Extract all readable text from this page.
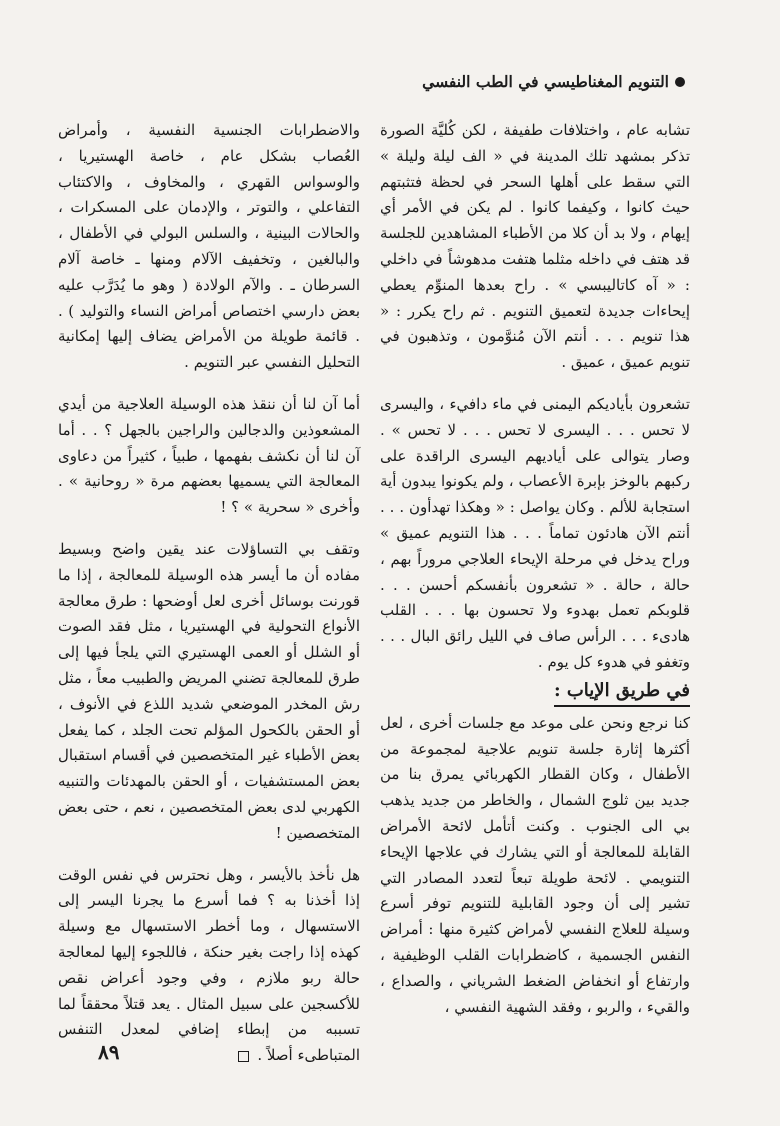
التنويم المغناطيسي في الطب النفسي

تشابه عام ، واختلافات طفيفة ، لكن كُليَّة الصورة تذكر بمشهد تلك المدينة في « الف ليلة وليلة » التي سقط على أهلها السحر في لحظة فتثبتهم حيث كانوا ، وكيفما كانوا . لم يكن في الأمر أي إيهام ، ولا بد أن كلا من الأطباء المشاهدين للجلسة قد هتف في داخله مثلما هتفت مدهوشاً في داخلي : « آه كاتاليبسي » . راح بعدها المنوِّم يعطي إيحاءات جديدة لتعميق التنويم . ثم راح يكرر : « هذا تنويم . . . أنتم الآن مُنوَّمون ، وتذهبون في تنويم عميق ، عميق .

تشعرون بأياديكم اليمنى في ماء دافيء ، واليسرى لا تحس . . . اليسرى لا تحس . . . لا تحس » . وصار يتوالى على أياديهم اليسرى الراقدة على ركبهم بالوخز بإبرة الأعصاب ، ولم يكونوا يبدون أية استجابة للألم . وكان يواصل : « وهكذا تهدأون . . . أنتم الآن هادئون تماماً . . . هذا التنويم عميق » وراح يدخل في مرحلة الإيحاء العلاجي مروراً بهم ، حالة ، حالة . « تشعرون بأنفسكم أحسن . . . قلوبكم تعمل بهدوء ولا تحسون بها . . . القلب هادىء . . . الرأس صاف في الليل رائق البال . . . وتغفو في هدوء كل يوم .

في طريق الإياب :

كنا نرجع ونحن على موعد مع جلسات أخرى ، لعل أكثرها إثارة جلسة تنويم علاجية لمجموعة من الأطفال ، وكان القطار الكهربائي يمرق بنا من جديد بين ثلوج الشمال ، والخاطر من جديد يذهب بي الى الجنوب . وكنت أتأمل لائحة الأمراض القابلة للمعالجة أو التي يشارك في علاجها الإيحاء التنويمي . لائحة طويلة تبعاً لتعدد المصادر التي تشير إلى أن وجود القابلية للتنويم توفر أسرع وسيلة للعلاج النفسي لأمراض كثيرة منها : أمراض النفس الجسمية ، كاضطرابات القلب الوظيفية ، وارتفاع أو انخفاض الضغط الشرياني ، والصداع ، والقيء ، والربو ، وفقد الشهية النفسي ،

والاضطرابات الجنسية النفسية ، وأمراض العُصاب بشكل عام ، خاصة الهستيريا ، والوسواس القهري ، والمخاوف ، والاكتئاب التفاعلي ، والتوتر ، والإدمان على المسكرات ، والحالات البينية ، والسلس البولي في الأطفال ، والبالغين ، وتخفيف الآلام ومنها ـ خاصة آلام السرطان ـ . والآم الولادة ( وهو ما يُدَرَّب عليه بعض دارسي اختصاص أمراض النساء والتوليد ) . . قائمة طويلة من الأمراض يضاف إليها إمكانية التحليل النفسي عبر التنويم .

أما آن لنا أن ننقذ هذه الوسيلة العلاجية من أيدي المشعوذين والدجالين والراجين بالجهل ؟ . . أما آن لنا أن نكشف بفهمها ، طبياً ، كثيراً من دعاوى المعالجة التي يسميها بعضهم مرة « روحانية » . وأخرى « سحرية » ؟ !

وتقف بي التساؤلات عند يقين واضح وبسيط مفاده أن ما أيسر هذه الوسيلة للمعالجة ، إذا ما قورنت بوسائل أخرى لعل أوضحها : طرق معالجة الأنواع التحولية في الهستيريا ، مثل فقد الصوت أو الشلل أو العمى الهستيري التي يلجأ فيها إلى طرق للمعالجة تضني المريض والطبيب معاً ، مثل رش المخدر الموضعي شديد اللذع في الأنوف ، أو الحقن بالكحول المؤلم تحت الجلد ، كما يفعل بعض الأطباء غير المتخصصين في أقسام استقبال بعض المستشفيات ، أو الحقن بالمهدئات والتنبيه الكهربي لدى بعض المتخصصين ، نعم ، حتى بعض المتخصصين !

هل نأخذ بالأيسر ، وهل نحترس في نفس الوقت إذا أخذنا به ؟ فما أسرع ما يجرنا اليسر إلى الاستسهال ، وما أخطر الاستسهال مع وسيلة كهذه إذا راجت بغير حنكة ، فاللجوء إليها لمعالجة حالة ربو ملازم ، وفي وجود أعراض نقص للأكسجين على سبيل المثال . يعد قتلاً محققاً لما تسببه من إبطاء إضافي لمعدل التنفس المتباطىء أصلاً .

٨٩
